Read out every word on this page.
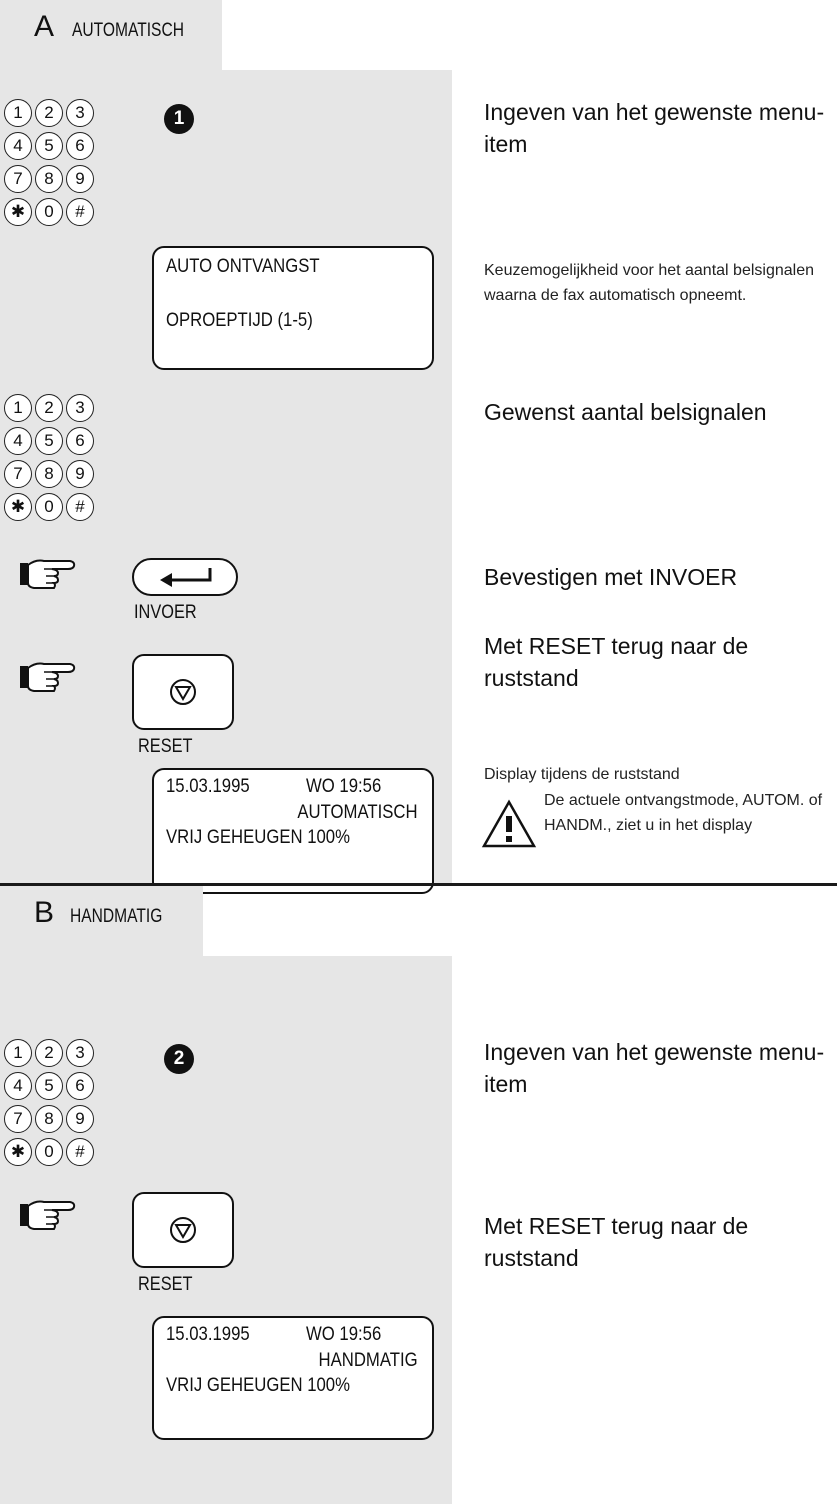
A AUTOMATISCH
1	2	3
4	5	6
7	8	9
✱	0	#
1	Ingeven van het gewenste menu-item
AUTO ONTVANGST
OPROEPTIJD (1-5)
Keuzemogelijkheid voor het aantal belsignalen waarna de fax automatisch opneemt.
1	2	3
4	5	6
7	8	9
✱	0	#
Gewenst aantal belsignalen
INVOER
Bevestigen met INVOER
RESET
Met RESET terug naar de ruststand
15.03.1995	WO 19:56
AUTOMATISCH
VRIJ GEHEUGEN 100%
Display tijdens de ruststand
De actuele ontvangstmode, AUTOM. of HANDM., ziet u in het display
B HANDMATIG
1	2	3
4	5	6
7	8	9
✱	0	#
2	Ingeven van het gewenste menu-item
RESET
Met RESET terug naar de ruststand
15.03.1995	WO 19:56
HANDMATIG
VRIJ GEHEUGEN 100%
